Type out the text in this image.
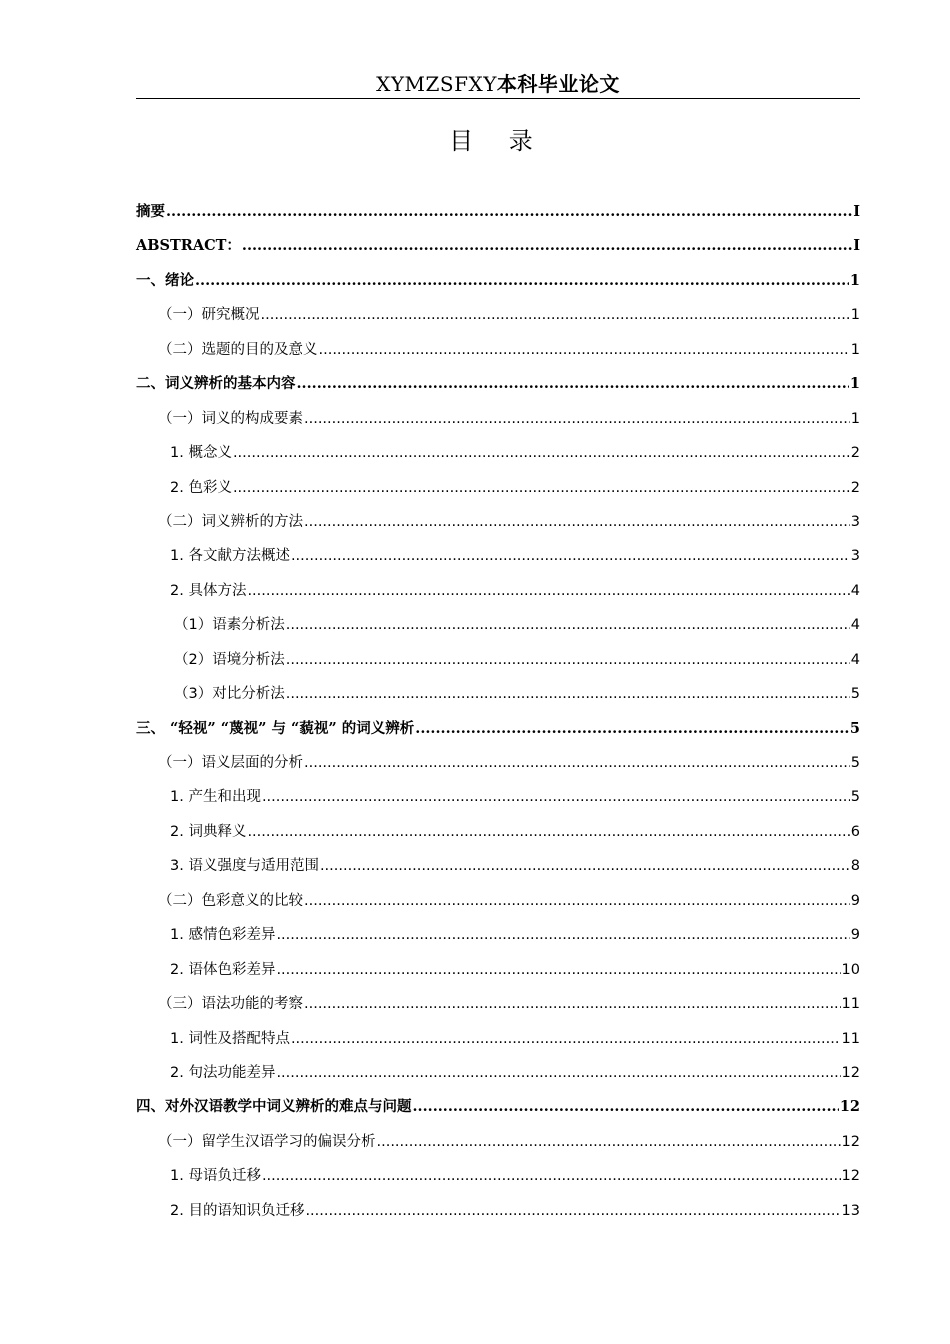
XYMZSFXY本科毕业论文
目 录
摘要 .....	I
ABSTRACT： .....	I
一、绪论 .....	1
（一）研究概况 .....	1
（二）选题的目的及意义 .....	1
二、词义辨析的基本内容 .....	1
（一）词义的构成要素 .....	1
1. 概念义 .....	2
2. 色彩义 .....	2
（二）词义辨析的方法 .....	3
1. 各文献方法概述 .....	3
2. 具体方法 .....	4
（1）语素分析法 .....	4
（2）语境分析法 .....	4
（3）对比分析法 .....	5
三、 “轻视” “蔑视” 与 “藐视” 的词义辨析 .....	5
（一）语义层面的分析 .....	5
1. 产生和出现 .....	5
2. 词典释义 .....	6
3. 语义强度与适用范围 .....	8
（二）色彩意义的比较 .....	9
1. 感情色彩差异 .....	9
2. 语体色彩差异 .....	10
（三）语法功能的考察 .....	11
1. 词性及搭配特点 .....	11
2. 句法功能差异 .....	12
四、对外汉语教学中词义辨析的难点与问题 .....	12
（一）留学生汉语学习的偏误分析 .....	12
1. 母语负迁移 .....	12
2. 目的语知识负迁移 .....	13
